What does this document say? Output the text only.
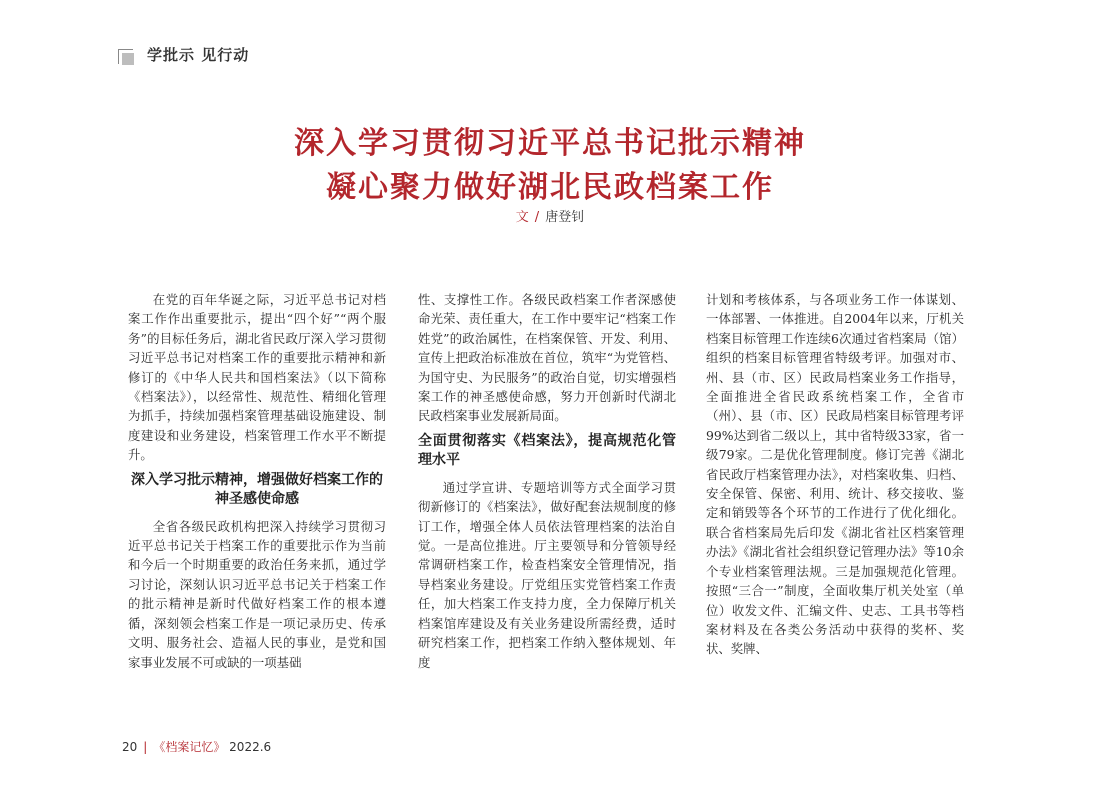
学批示 见行动
深入学习贯彻习近平总书记批示精神
凝心聚力做好湖北民政档案工作
文 / 唐登钊

在党的百年华诞之际，习近平总书记对档案工作作出重要批示，提出“四个好”“两个服务”的目标任务后，湖北省民政厅深入学习贯彻习近平总书记对档案工作的重要批示精神和新修订的《中华人民共和国档案法》（以下简称《档案法》），以经常性、规范性、精细化管理为抓手，持续加强档案管理基础设施建设、制度建设和业务建设，档案管理工作水平不断提升。

深入学习批示精神，增强做好档案工作的神圣感使命感

全省各级民政机构把深入持续学习贯彻习近平总书记关于档案工作的重要批示作为当前和今后一个时期重要的政治任务来抓，通过学习讨论，深刻认识习近平总书记关于档案工作的批示精神是新时代做好档案工作的根本遵循，深刻领会档案工作是一项记录历史、传承文明、服务社会、造福人民的事业，是党和国家事业发展不可或缺的一项基础

性、支撑性工作。各级民政档案工作者深感使命光荣、责任重大，在工作中要牢记“档案工作姓党”的政治属性，在档案保管、开发、利用、宣传上把政治标准放在首位，筑牢“为党管档、为国守史、为民服务”的政治自觉，切实增强档案工作的神圣感使命感，努力开创新时代湖北民政档案事业发展新局面。

全面贯彻落实《档案法》，提高规范化管理水平

通过学宣讲、专题培训等方式全面学习贯彻新修订的《档案法》，做好配套法规制度的修订工作，增强全体人员依法管理档案的法治自觉。一是高位推进。厅主要领导和分管领导经常调研档案工作，检查档案安全管理情况，指导档案业务建设。厅党组压实党管档案工作责任，加大档案工作支持力度，全力保障厅机关档案馆库建设及有关业务建设所需经费，适时研究档案工作，把档案工作纳入整体规划、年度

计划和考核体系，与各项业务工作一体谋划、一体部署、一体推进。自2004年以来，厅机关档案目标管理工作连续6次通过省档案局（馆）组织的档案目标管理省特级考评。加强对市、州、县（市、区）民政局档案业务工作指导，全面推进全省民政系统档案工作，全省市（州）、县（市、区）民政局档案目标管理考评99%达到省二级以上，其中省特级33家，省一级79家。二是优化管理制度。修订完善《湖北省民政厅档案管理办法》，对档案收集、归档、安全保管、保密、利用、统计、移交接收、鉴定和销毁等各个环节的工作进行了优化细化。联合省档案局先后印发《湖北省社区档案管理办法》《湖北省社会组织登记管理办法》等10余个专业档案管理法规。三是加强规范化管理。按照“三合一”制度，全面收集厅机关处室（单位）收发文件、汇编文件、史志、工具书等档案材料及在各类公务活动中获得的奖杯、奖状、奖牌、

20 | 《档案记忆》 2022.6
